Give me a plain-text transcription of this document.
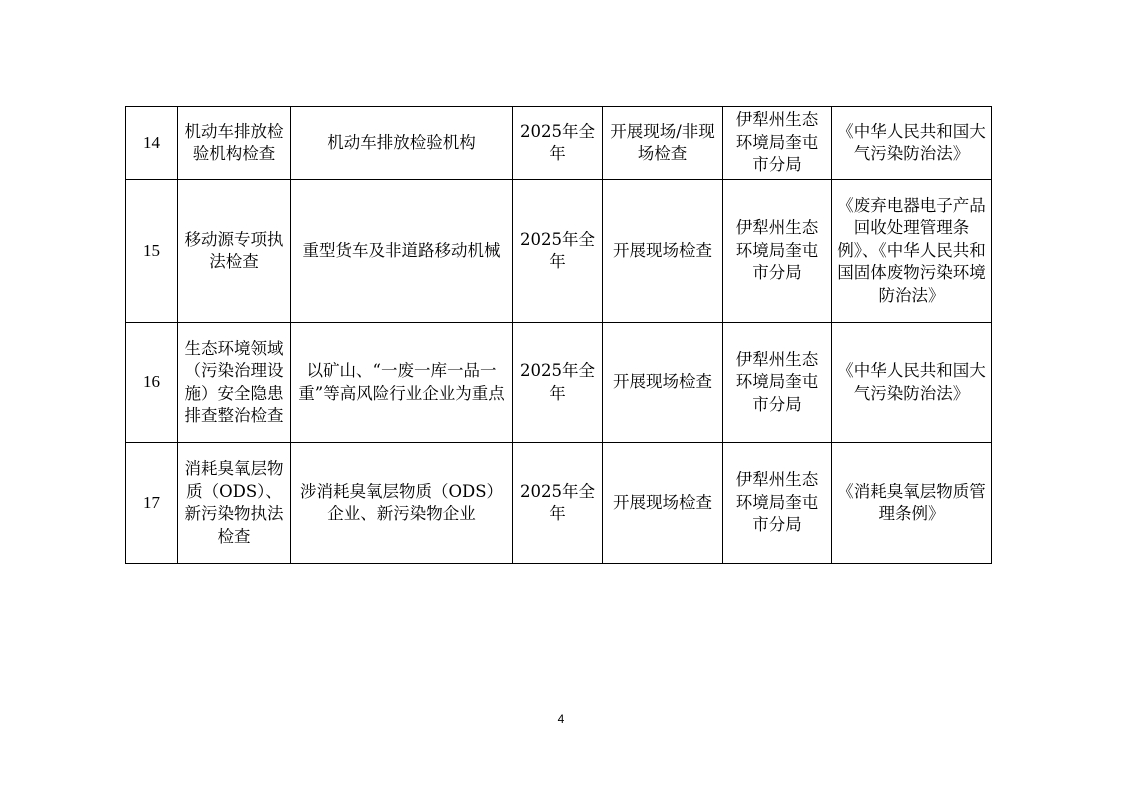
14	机动车排放检验机构检查	机动车排放检验机构	2025年全年	开展现场/非现场检查	伊犁州生态环境局奎屯市分局	《中华人民共和国大气污染防治法》
15	移动源专项执法检查	重型货车及非道路移动机械	2025年全年	开展现场检查	伊犁州生态环境局奎屯市分局	《废弃电器电子产品回收处理管理条例》、《中华人民共和国固体废物污染环境防治法》
16	生态环境领域（污染治理设施）安全隐患排查整治检查	以矿山、“一废一库一品一重”等高风险行业企业为重点	2025年全年	开展现场检查	伊犁州生态环境局奎屯市分局	《中华人民共和国大气污染防治法》
17	消耗臭氧层物质（ODS）、新污染物执法检查	涉消耗臭氧层物质（ODS）企业、新污染物企业	2025年全年	开展现场检查	伊犁州生态环境局奎屯市分局	《消耗臭氧层物质管理条例》
4
